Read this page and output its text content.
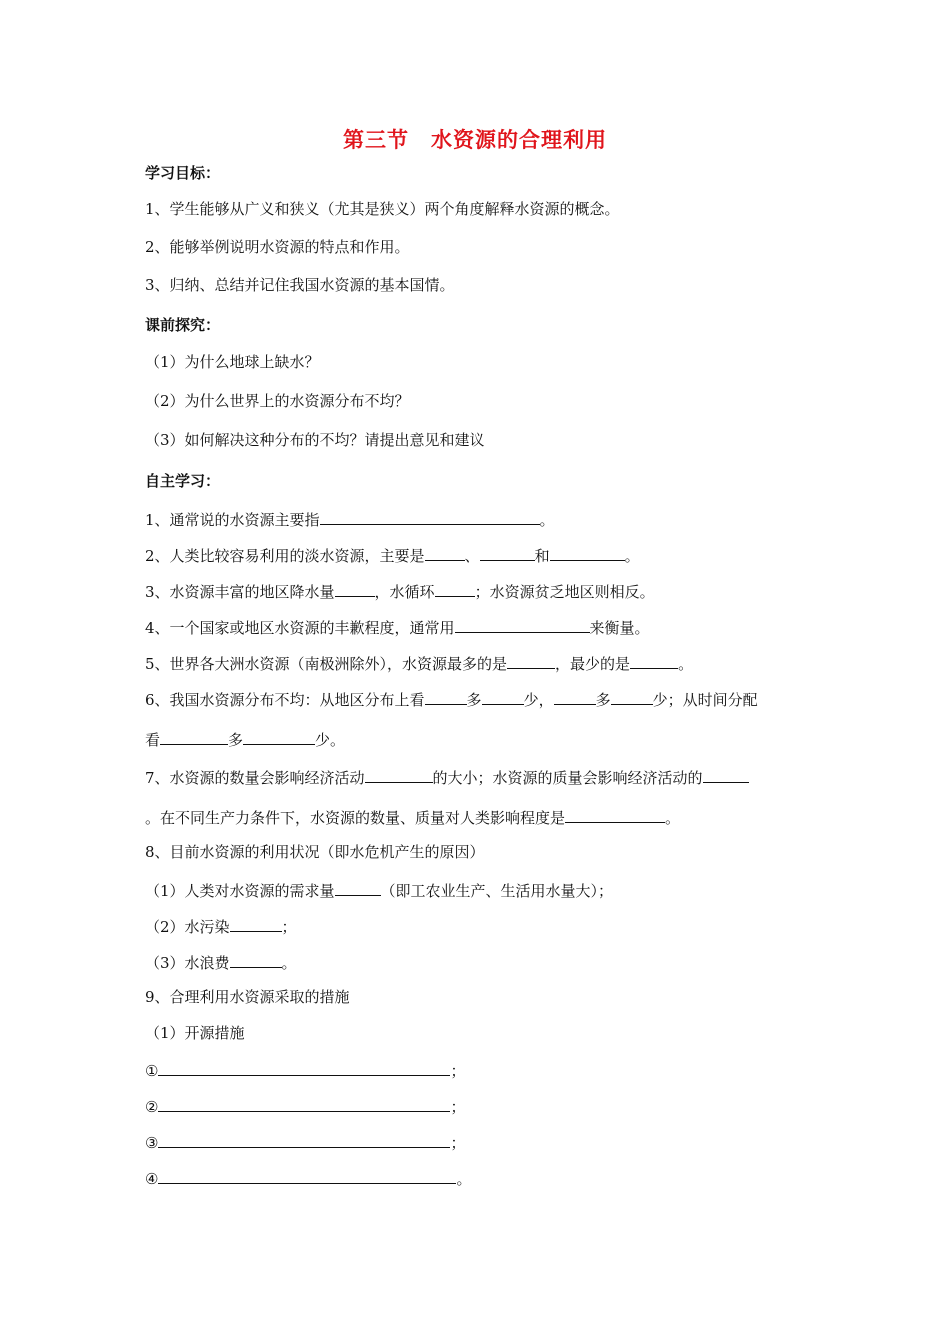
第三节 水资源的合理利用
学习目标：
1、学生能够从广义和狭义（尤其是狭义）两个角度解释水资源的概念。
2、能够举例说明水资源的特点和作用。
3、归纳、总结并记住我国水资源的基本国情。
课前探究：
（1）为什么地球上缺水？
（2）为什么世界上的水资源分布不均？
（3）如何解决这种分布的不均？请提出意见和建议
自主学习：
1、通常说的水资源主要指	。
2、人类比较容易利用的淡水资源，主要是	、	和	。
3、水资源丰富的地区降水量	，水循环	；水资源贫乏地区则相反。
4、一个国家或地区水资源的丰歉程度，通常用	来衡量。
5、世界各大洲水资源（南极洲除外），水资源最多的是	，最少的是	。
6、我国水资源分布不均：从地区分布上看	多	少，	多	少；从时间分配
看	多	少。
7、水资源的数量会影响经济活动	的大小；水资源的质量会影响经济活动的
。在不同生产力条件下，水资源的数量、质量对人类影响程度是	。
8、目前水资源的利用状况（即水危机产生的原因）
（1）人类对水资源的需求量	（即工农业生产、生活用水量大）；
（2）水污染	；
（3）水浪费	。
9、合理利用水资源采取的措施
（1）开源措施
①	；
②	；
③	；
④	。
